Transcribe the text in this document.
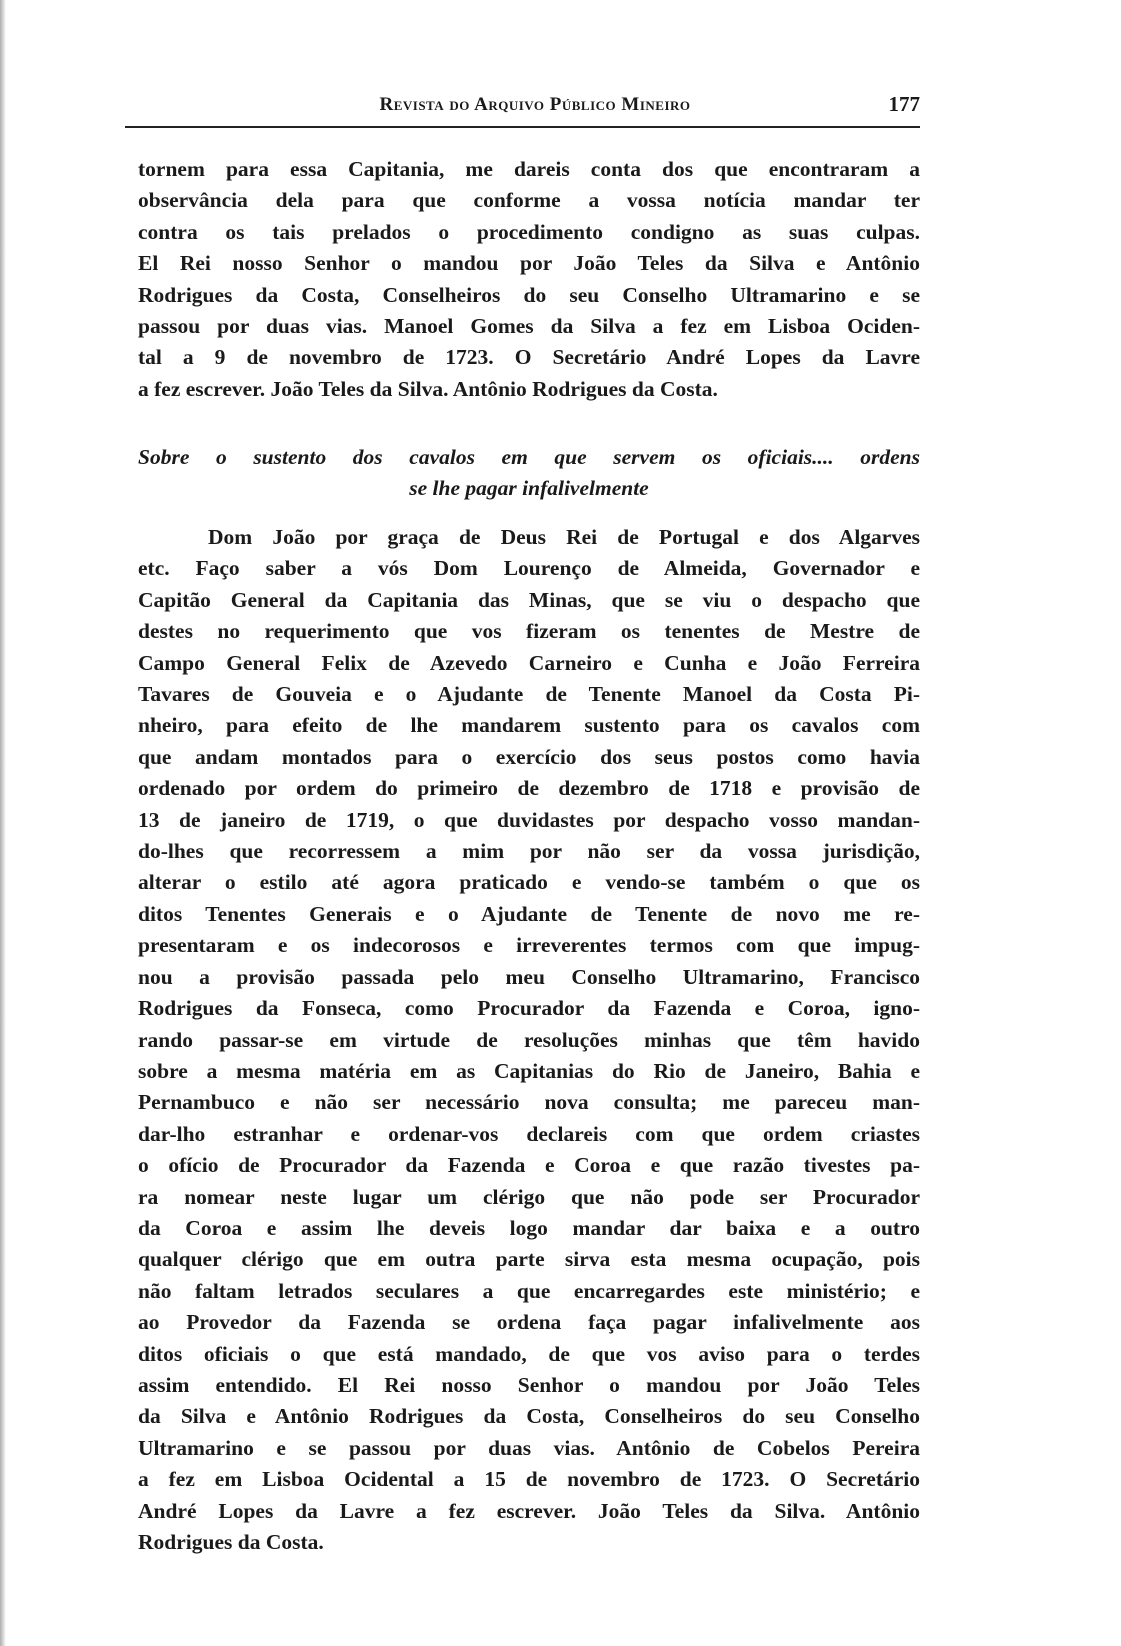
Revista do Arquivo Público Mineiro	177
tornem para essa Capitania, me dareis conta dos que encontraram a
observância dela para que conforme a vossa notícia mandar ter
contra os tais prelados o procedimento condigno as suas culpas.
El Rei nosso Senhor o mandou por João Teles da Silva e Antônio
Rodrigues da Costa, Conselheiros do seu Conselho Ultramarino e se
passou por duas vias. Manoel Gomes da Silva a fez em Lisboa Ociden-
tal a 9 de novembro de 1723. O Secretário André Lopes da Lavre
a fez escrever. João Teles da Silva. Antônio Rodrigues da Costa.
Sobre o sustento dos cavalos em que servem os oficiais.... ordens
se lhe pagar infalivelmente
Dom João por graça de Deus Rei de Portugal e dos Algarves
etc. Faço saber a vós Dom Lourenço de Almeida, Governador e
Capitão General da Capitania das Minas, que se viu o despacho que
destes no requerimento que vos fizeram os tenentes de Mestre de
Campo General Felix de Azevedo Carneiro e Cunha e João Ferreira
Tavares de Gouveia e o Ajudante de Tenente Manoel da Costa Pi-
nheiro, para efeito de lhe mandarem sustento para os cavalos com
que andam montados para o exercício dos seus postos como havia
ordenado por ordem do primeiro de dezembro de 1718 e provisão de
13 de janeiro de 1719, o que duvidastes por despacho vosso mandan-
do-lhes que recorressem a mim por não ser da vossa jurisdição,
alterar o estilo até agora praticado e vendo-se também o que os
ditos Tenentes Generais e o Ajudante de Tenente de novo me re-
presentaram e os indecorosos e irreverentes termos com que impug-
nou a provisão passada pelo meu Conselho Ultramarino, Francisco
Rodrigues da Fonseca, como Procurador da Fazenda e Coroa, igno-
rando passar-se em virtude de resoluções minhas que têm havido
sobre a mesma matéria em as Capitanias do Rio de Janeiro, Bahia e
Pernambuco e não ser necessário nova consulta; me pareceu man-
dar-lho estranhar e ordenar-vos declareis com que ordem criastes
o ofício de Procurador da Fazenda e Coroa e que razão tivestes pa-
ra nomear neste lugar um clérigo que não pode ser Procurador
da Coroa e assim lhe deveis logo mandar dar baixa e a outro
qualquer clérigo que em outra parte sirva esta mesma ocupação, pois
não faltam letrados seculares a que encarregardes este ministério; e
ao Provedor da Fazenda se ordena faça pagar infalivelmente aos
ditos oficiais o que está mandado, de que vos aviso para o terdes
assim entendido. El Rei nosso Senhor o mandou por João Teles
da Silva e Antônio Rodrigues da Costa, Conselheiros do seu Conselho
Ultramarino e se passou por duas vias. Antônio de Cobelos Pereira
a fez em Lisboa Ocidental a 15 de novembro de 1723. O Secretário
André Lopes da Lavre a fez escrever. João Teles da Silva. Antônio
Rodrigues da Costa.
